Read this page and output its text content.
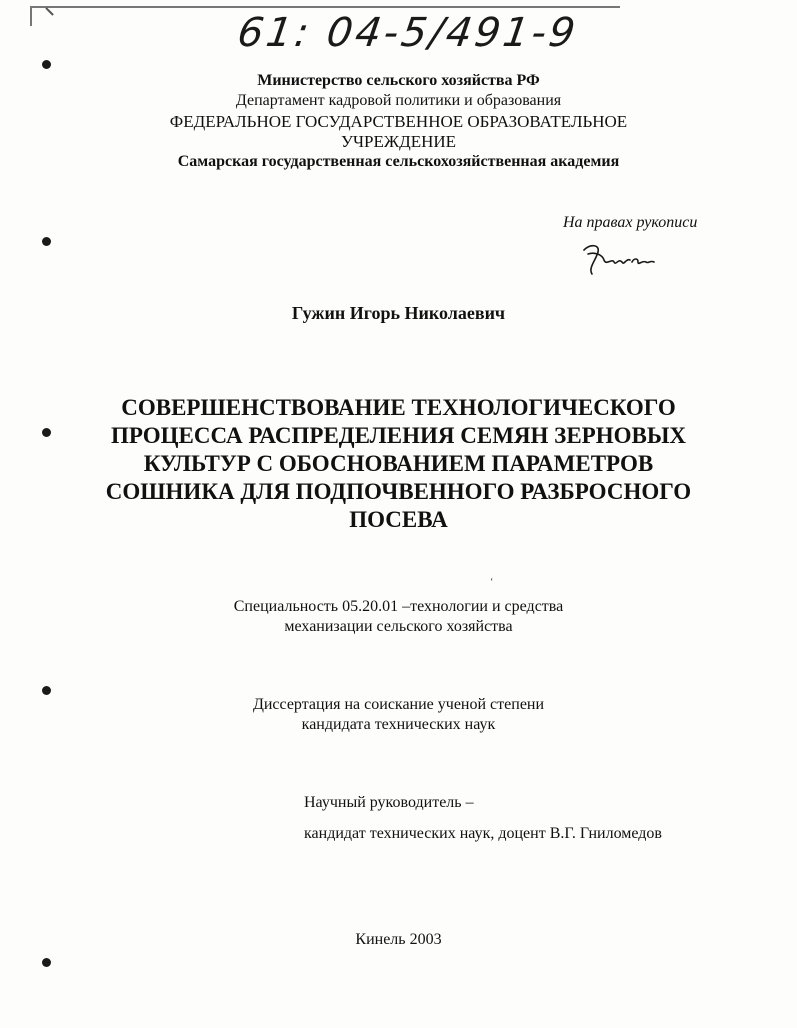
61: 04-5/491-9
Министерство сельского хозяйства РФ
Департамент кадровой политики и образования
ФЕДЕРАЛЬНОЕ ГОСУДАРСТВЕННОЕ ОБРАЗОВАТЕЛЬНОЕ
УЧРЕЖДЕНИЕ
Самарская государственная сельскохозяйственная академия
На правах рукописи
Гужин Игорь Николаевич
СОВЕРШЕНСТВОВАНИЕ ТЕХНОЛОГИЧЕСКОГО
ПРОЦЕССА РАСПРЕДЕЛЕНИЯ СЕМЯН ЗЕРНОВЫХ
КУЛЬТУР С ОБОСНОВАНИЕМ ПАРАМЕТРОВ
СОШНИКА ДЛЯ ПОДПОЧВЕННОГО РАЗБРОСНОГО
ПОСЕВА
‘
Специальность 05.20.01 –технологии и средства
механизации сельского хозяйства
Диссертация на соискание ученой степени
кандидата технических наук
Научный руководитель –
кандидат технических наук, доцент В.Г. Гниломедов
Кинель 2003
